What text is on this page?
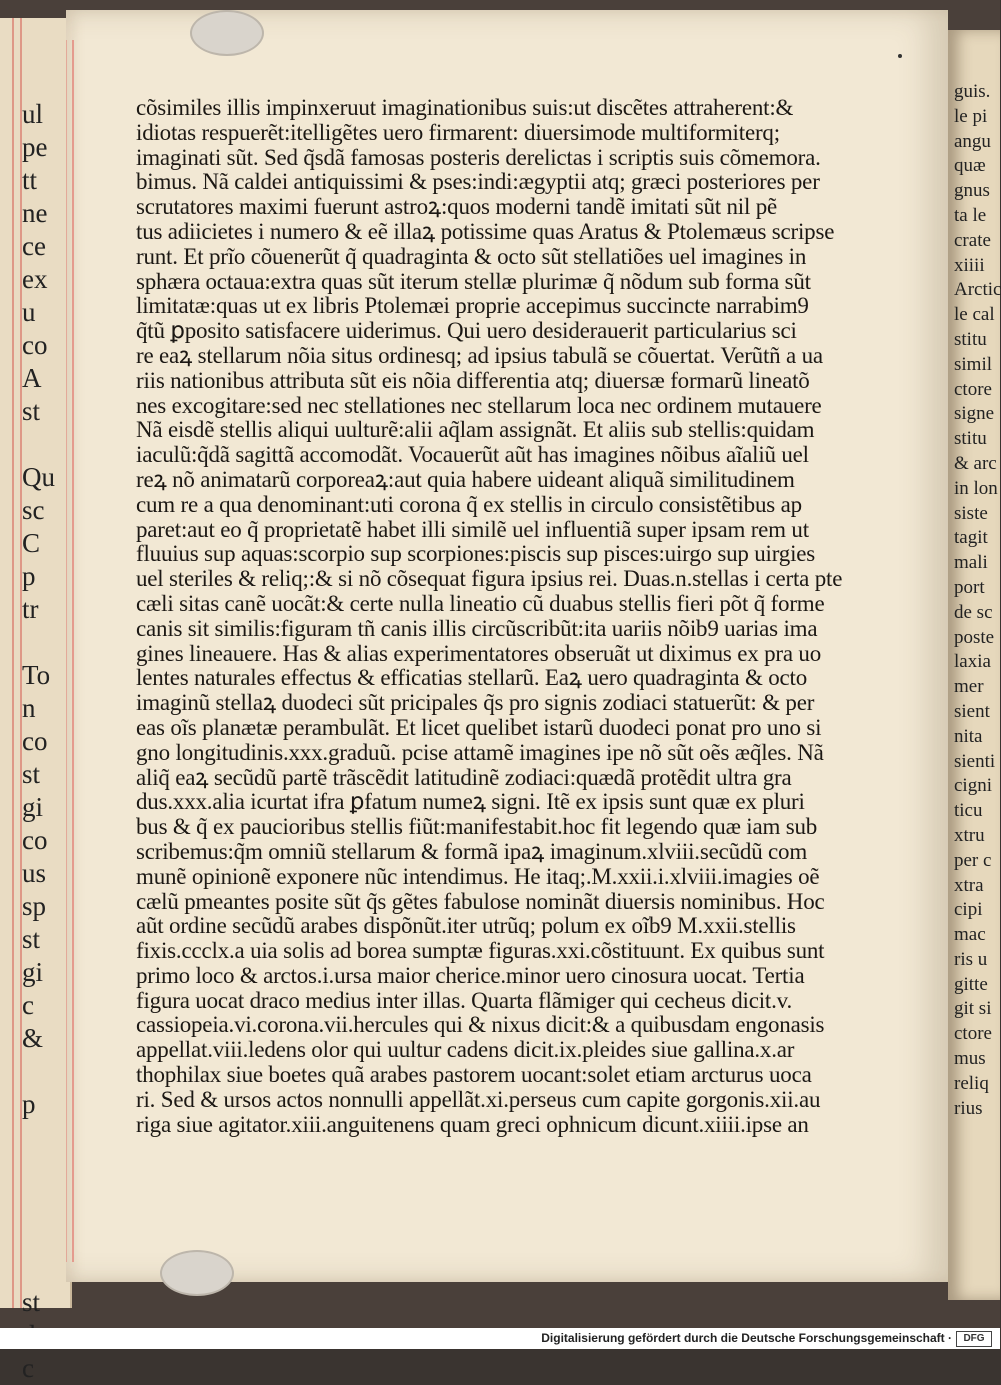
ul
pe
tt
ne
ce
ex
u
co
A
st

Qu
sc
C
p
tr

To
n
co
st
gi
co
us
sp
st
gi
c
&

p

st

c
cõsimiles illis impinxeruut imaginationibus suis:ut discẽtes attraherent:&
idiotas respuerẽt:itelligẽtes uero firmarent: diuersimode multiformiterq;
imaginati sũt. Sed q̃sdã famosas posteris derelictas i scriptis suis cõmemora.
bimus. Nã caldei antiquissimi & pses:indi:ægyptii atq; græci posteriores per
scrutatores maximi fuerunt astroꝝ:quos moderni tandẽ imitati sũt nil pẽ
tus adiicietes i numero & eẽ illaꝝ potissime quas Aratus & Ptolemæus scripse
runt. Et prĩo cõuenerũt q̃ quadraginta & octo sũt stellatiões uel imagines in
sphæra octaua:extra quas sũt iterum stellæ plurimæ q̃ nõdum sub forma sũt
limitatæ:quas ut ex libris Ptolemæi proprie accepimus succincte narrabim9
q̃tũ ꝑposito satisfacere uiderimus. Qui uero desiderauerit particularius sci
re eaꝝ stellarum nõia situs ordinesq; ad ipsius tabulã se cõuertat. Verũtñ a ua
riis nationibus attributa sũt eis nõia differentia atq; diuersæ formarũ lineatõ
nes excogitare:sed nec stellationes nec stellarum loca nec ordinem mutauere
Nã eisdẽ stellis aliqui uulturẽ:alii aq̃lam assignãt. Et aliis sub stellis:quidam
iaculũ:q̃dã sagittã accomodãt. Vocauerũt aũt has imagines nõibus aĩaliũ uel
reꝝ nõ animatarũ corporeaꝝ:aut quia habere uideant aliquã similitudinem
cum re a qua denominant:uti corona q̃ ex stellis in circulo consistẽtibus ap
paret:aut eo q̃ proprietatẽ habet illi similẽ uel influentiã super ipsam rem ut
fluuius sup aquas:scorpio sup scorpiones:piscis sup pisces:uirgo sup uirgies
uel steriles & reliq;:& si nõ cõsequat figura ipsius rei. Duas.n.stellas i certa pte
cæli sitas canẽ uocãt:& certe nulla lineatio cũ duabus stellis fieri põt q̃ forme
canis sit similis:figuram tñ canis illis circũscribũt:ita uariis nõib9 uarias ima
gines lineauere. Has & alias experimentatores obseruãt ut diximus ex pra uo
lentes naturales effectus & efficatias stellarũ. Eaꝝ uero quadraginta & octo
imaginũ stellaꝝ duodeci sũt pricipales q̃s pro signis zodiaci statuerũt: & per
eas oĩs planætæ perambulãt. Et licet quelibet istarũ duodeci ponat pro uno si
gno longitudinis.xxx.graduũ. pcise attamẽ imagines ipe nõ sũt oẽs æq̃les. Nã
aliq̃ eaꝝ secũdũ partẽ trãscẽdit latitudinẽ zodiaci:quædã protẽdit ultra gra
dus.xxx.alia icurtat ifra ꝑfatum numeꝝ signi. Itẽ ex ipsis sunt quæ ex pluri
bus & q̃ ex paucioribus stellis fiũt:manifestabit.hoc fit legendo quæ iam sub
scribemus:q̃m omniũ stellarum & formã ipaꝝ imaginum.xlviii.secũdũ com
munẽ opinionẽ exponere nũc intendimus. He itaq;.M.xxii.i.xlviii.imagies oẽ
cælũ pmeantes posite sũt q̃s gẽtes fabulose nominãt diuersis nominibus. Hoc
aũt ordine secũdũ arabes dispõnũt.iter utrũq; polum ex oĩb9 M.xxii.stellis
fixis.ccclx.a uia solis ad borea sumptæ figuras.xxi.cõstituunt. Ex quibus sunt
primo loco & arctos.i.ursa maior cherice.minor uero cinosura uocat. Tertia
figura uocat draco medius inter illas. Quarta flãmiger qui cecheus dicit.v.
cassiopeia.vi.corona.vii.hercules qui & nixus dicit:& a quibusdam engonasis
appellat.viii.ledens olor qui uultur cadens dicit.ix.pleides siue gallina.x.ar
thophilax siue boetes quã arabes pastorem uocant:solet etiam arcturus uoca
ri. Sed & ursos actos nonnulli appellãt.xi.perseus cum capite gorgonis.xii.au
riga siue agitator.xiii.anguitenens quam greci ophnicum dicunt.xiiii.ipse an
guis.
le pi
angu
quæ
gnus
ta le
crate
xiiii
Arctic
le cal
stitu
simil
ctore
signe
stitu
& arc
in lon
siste
tagit
mali
port
de sc
poste
laxia
mer
sient
nita
sienti
cigni
ticu
xtru
per c
xtra
cipi
mac
ris u
gitte
git si
ctore
mus
reliq
rius
Digitalisierung gefördert durch die Deutsche Forschungsgemeinschaft ·	DFG
